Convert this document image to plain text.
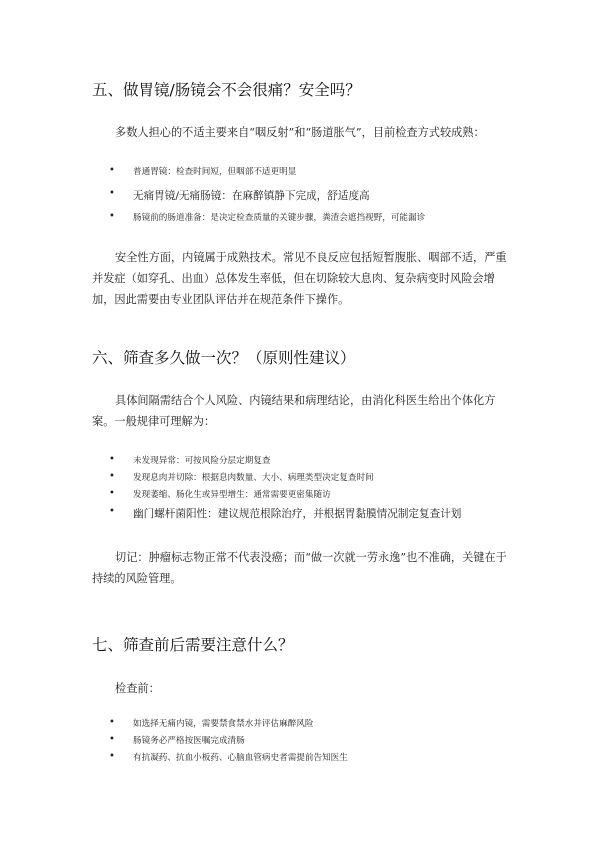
五、做胃镜/肠镜会不会很痛？安全吗？

多数人担心的不适主要来自“咽反射”和“肠道胀气”，目前检查方式较成熟：

• 普通胃镜：检查时间短，但咽部不适更明显
• 无痛胃镜/无痛肠镜：在麻醉镇静下完成，舒适度高
• 肠镜前的肠道准备：是决定检查质量的关键步骤，粪渣会遮挡视野，可能漏诊

安全性方面，内镜属于成熟技术。常见不良反应包括短暂腹胀、咽部不适，严重并发症（如穿孔、出血）总体发生率低，但在切除较大息肉、复杂病变时风险会增加，因此需要由专业团队评估并在规范条件下操作。

六、筛查多久做一次？（原则性建议）

具体间隔需结合个人风险、内镜结果和病理结论，由消化科医生给出个体化方案。一般规律可理解为：

• 未发现异常：可按风险分层定期复查
• 发现息肉并切除：根据息肉数量、大小、病理类型决定复查时间
• 发现萎缩、肠化生或异型增生：通常需要更密集随访
• 幽门螺杆菌阳性：建议规范根除治疗，并根据胃黏膜情况制定复查计划

切记：肿瘤标志物正常不代表没癌；而“做一次就一劳永逸”也不准确，关键在于持续的风险管理。

七、筛查前后需要注意什么？

检查前：

• 如选择无痛内镜，需要禁食禁水并评估麻醉风险
• 肠镜务必严格按医嘱完成清肠
• 有抗凝药、抗血小板药、心脑血管病史者需提前告知医生
